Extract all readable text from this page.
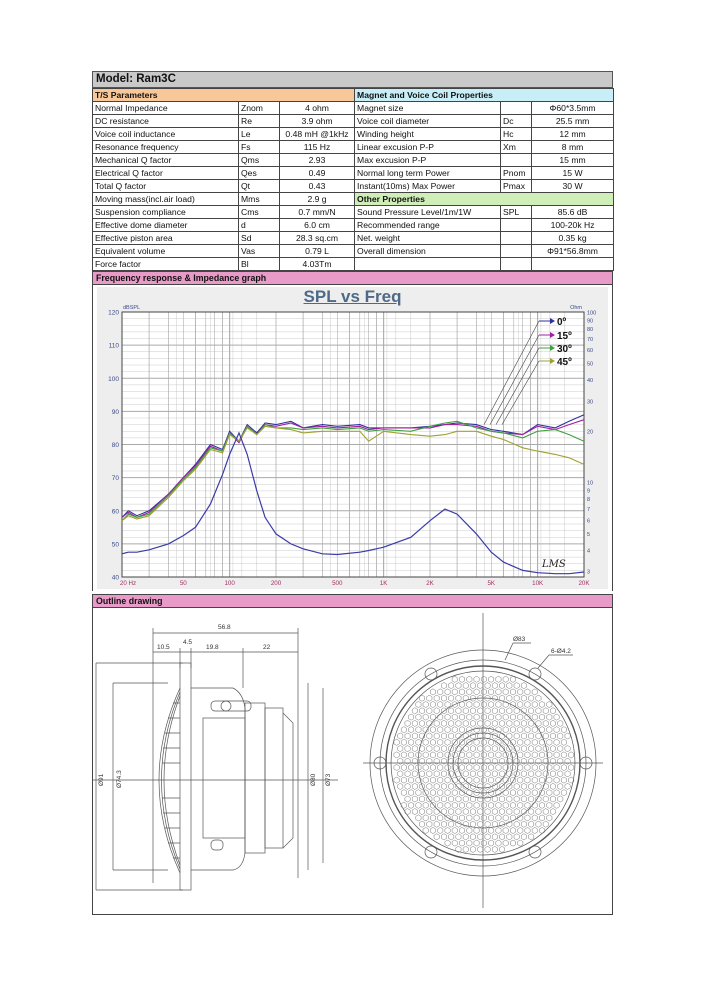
Model: Ram3C
T/S Parameters			Magnet and Voice Coil Properties		
Normal Impedance	Znom	4 ohm	Magnet size		Φ60*3.5mm
DC resistance	Re	3.9 ohm	Voice coil diameter	Dc	25.5 mm
Voice coil inductance	Le	0.48 mH @1kHz	Winding height	Hc	12 mm
Resonance frequency	Fs	115 Hz	Linear excusion P-P	Xm	8 mm
Mechanical Q factor	Qms	2.93	Max excusion P-P		15 mm
Electrical Q factor	Qes	0.49	Normal long term Power	Pnom	15 W
Total Q factor	Qt	0.43	Instant(10ms) Max Power	Pmax	30 W
Moving mass(incl.air load)	Mms	2.9 g	Other Properties		
Suspension compliance	Cms	0.7 mm/N	Sound Pressure Level/1m/1W	SPL	85.6 dB
Effective dome diameter	d	6.0 cm	Recommended range		100-20k Hz
Effective piston area	Sd	28.3 sq.cm	Net. weight		0.35 kg
Equivalent volume	Vas	0.79 L	Overall dimension		Φ91*56.8mm
Force factor	Bl	4.03Tm			
Frequency response & Impedance graph
SPL vs Freq
120
110
100
90
80
70
60
50
40
dBSPL	Ohm
100
90
80
70
60
50
40
30
20
10
9
8
7
6
5
4
3
20 Hz	50	100	200	500	1K	2K	5K	10K	20K
0º
15º
30º
45º
LMS
Outline drawing
56.8
4.5
10.5	19.8	22
Ø91 Ø74.3	Ø80 Ø73
Ø83
6-Ø4.2
